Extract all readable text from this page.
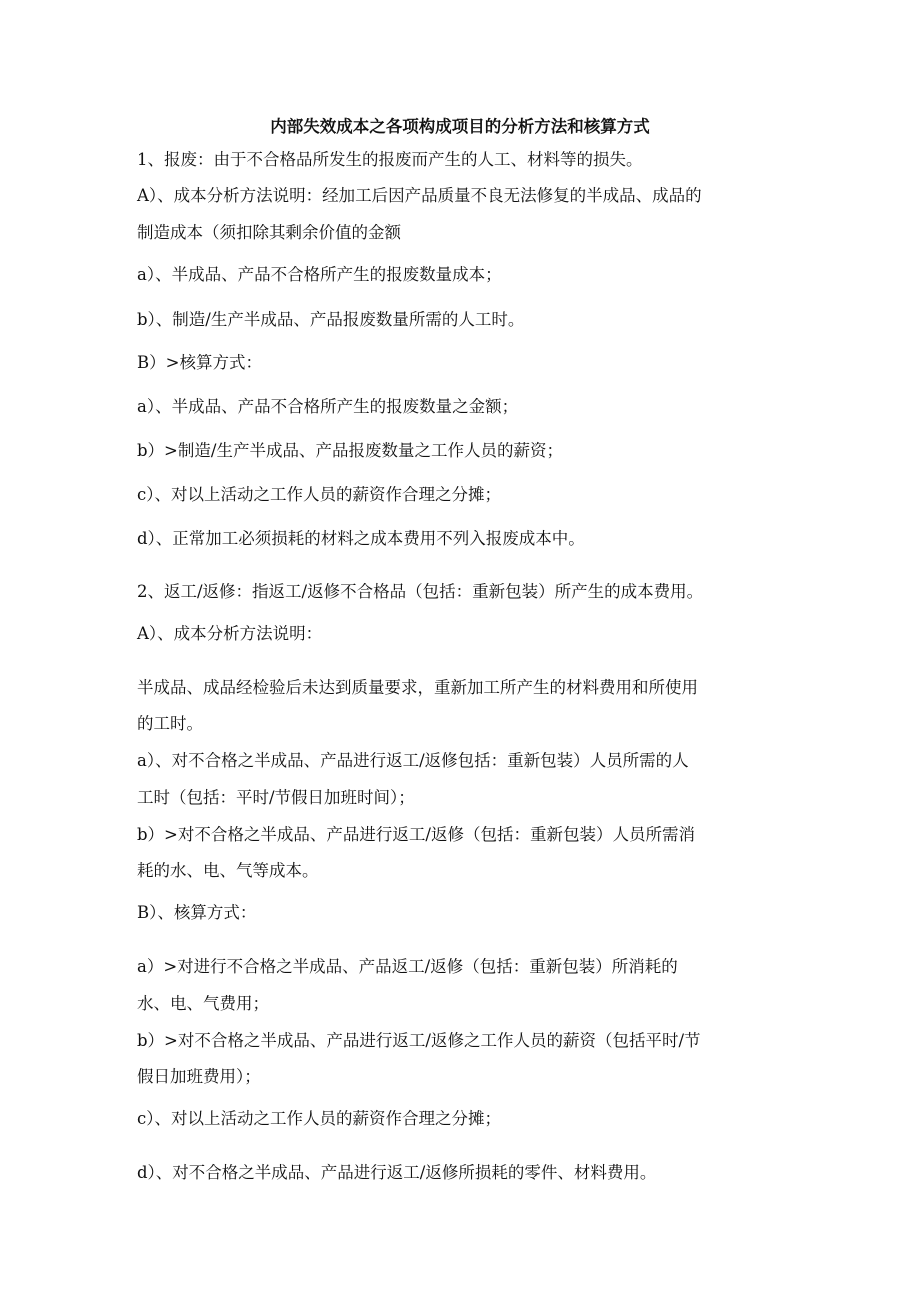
内部失效成本之各项构成项目的分析方法和核算方式
1、报废：由于不合格品所发生的报废而产生的人工、材料等的损失。
A）、成本分析方法说明：经加工后因产品质量不良无法修复的半成品、成品的
制造成本（须扣除其剩余价值的金额
a）、半成品、产品不合格所产生的报废数量成本；
b）、制造/生产半成品、产品报废数量所需的人工时。
B）>核算方式：
a）、半成品、产品不合格所产生的报废数量之金额；
b）>制造/生产半成品、产品报废数量之工作人员的薪资；
c）、对以上活动之工作人员的薪资作合理之分摊；
d）、正常加工必须损耗的材料之成本费用不列入报废成本中。
2、返工/返修：指返工/返修不合格品（包括：重新包装）所产生的成本费用。
A）、成本分析方法说明：
半成品、成品经检验后未达到质量要求，重新加工所产生的材料费用和所使用
的工时。
a）、对不合格之半成品、产品进行返工/返修包括：重新包装）人员所需的人
工时（包括：平时/节假日加班时间）；
b）>对不合格之半成品、产品进行返工/返修（包括：重新包装）人员所需消
耗的水、电、气等成本。
B）、核算方式：
a）>对进行不合格之半成品、产品返工/返修（包括：重新包装）所消耗的
水、电、气费用；
b）>对不合格之半成品、产品进行返工/返修之工作人员的薪资（包括平时/节
假日加班费用）；
c）、对以上活动之工作人员的薪资作合理之分摊；
d）、对不合格之半成品、产品进行返工/返修所损耗的零件、材料费用。
